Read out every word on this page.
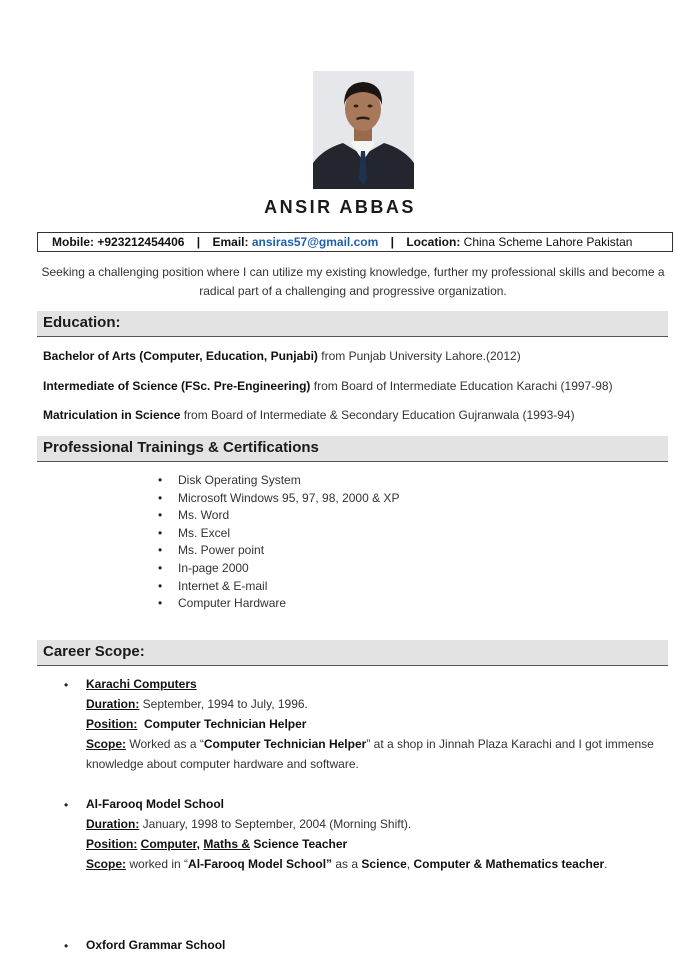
ANSIR ABBAS
Mobile: +923212454406 | Email: ansiras57@gmail.com | Location: China Scheme Lahore Pakistan
Seeking a challenging position where I can utilize my existing knowledge, further my professional skills and become a radical part of a challenging and progressive organization.
Education:
Bachelor of Arts (Computer, Education, Punjabi) from Punjab University Lahore.(2012)
Intermediate of Science (FSc. Pre-Engineering) from Board of Intermediate Education Karachi (1997-98)
Matriculation in Science from Board of Intermediate & Secondary Education Gujranwala (1993-94)
Professional Trainings & Certifications
• Disk Operating System
• Microsoft Windows 95, 97, 98, 2000 & XP
• Ms. Word
• Ms. Excel
• Ms. Power point
• In-page 2000
• Internet & E-mail
• Computer Hardware
Career Scope:
• Karachi Computers
Duration: September, 1994 to July, 1996.
Position: Computer Technician Helper
Scope: Worked as a “Computer Technician Helper” at a shop in Jinnah Plaza Karachi and I got immense knowledge about computer hardware and software.
• Al-Farooq Model School
Duration: January, 1998 to September, 2004 (Morning Shift).
Position: Computer, Maths & Science Teacher
Scope: worked in “Al-Farooq Model School” as a Science, Computer & Mathematics teacher.
• Oxford Grammar School
